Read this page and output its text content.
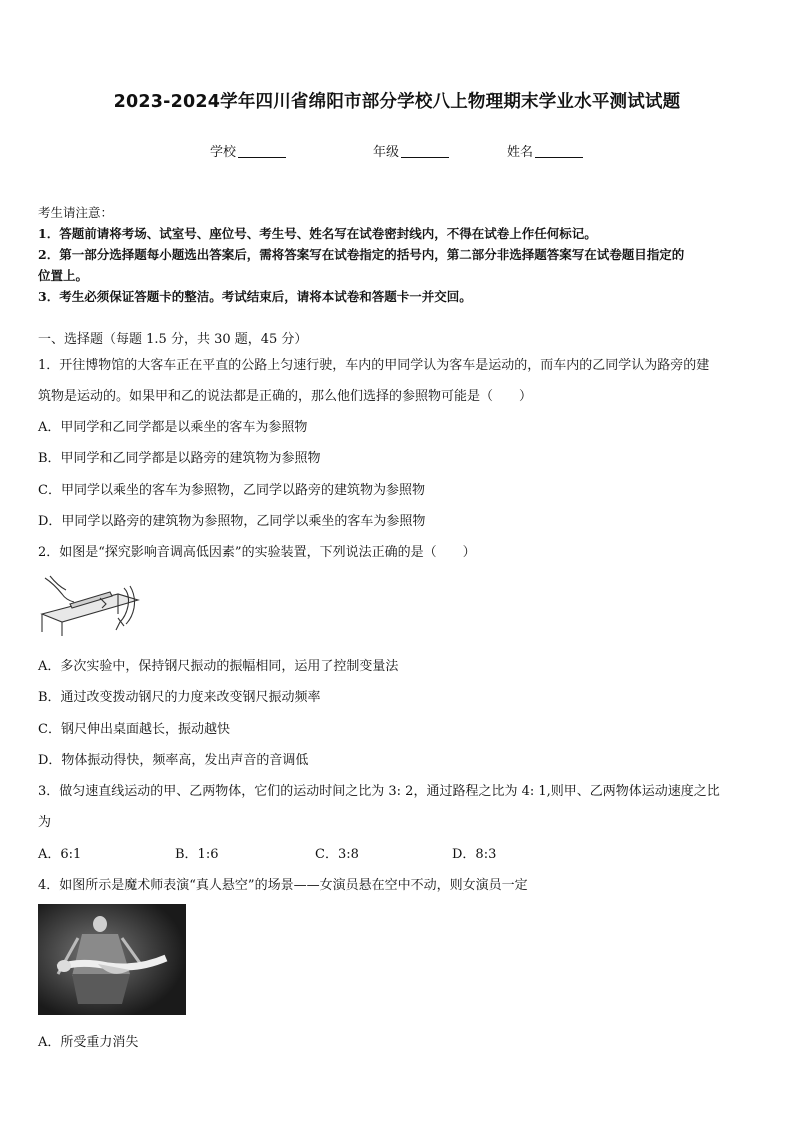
2023-2024学年四川省绵阳市部分学校八上物理期末学业水平测试试题
学校	年级	姓名
考生请注意：
1．答题前请将考场、试室号、座位号、考生号、姓名写在试卷密封线内，不得在试卷上作任何标记。
2．第一部分选择题每小题选出答案后，需将答案写在试卷指定的括号内，第二部分非选择题答案写在试卷题目指定的
位置上。
3．考生必须保证答题卡的整洁。考试结束后，请将本试卷和答题卡一并交回。
一、选择题（每题 1.5 分，共 30 题，45 分）
1．开往博物馆的大客车正在平直的公路上匀速行驶，车内的甲同学认为客车是运动的，而车内的乙同学认为路旁的建
筑物是运动的。如果甲和乙的说法都是正确的，那么他们选择的参照物可能是（　　）
A．甲同学和乙同学都是以乘坐的客车为参照物
B．甲同学和乙同学都是以路旁的建筑物为参照物
C．甲同学以乘坐的客车为参照物，乙同学以路旁的建筑物为参照物
D．甲同学以路旁的建筑物为参照物，乙同学以乘坐的客车为参照物
2．如图是“探究影响音调高低因素”的实验装置，下列说法正确的是（　　）
A．多次实验中，保持钢尺振动的振幅相同，运用了控制变量法
B．通过改变拨动钢尺的力度来改变钢尺振动频率
C．钢尺伸出桌面越长，振动越快
D．物体振动得快，频率高，发出声音的音调低
3．做匀速直线运动的甲、乙两物体，它们的运动时间之比为 3: 2，通过路程之比为 4: 1,则甲、乙两物体运动速度之比
为
A．6:1	B．1:6	C．3:8	D．8:3
4．如图所示是魔术师表演“真人悬空”的场景——女演员悬在空中不动，则女演员一定
A．所受重力消失
